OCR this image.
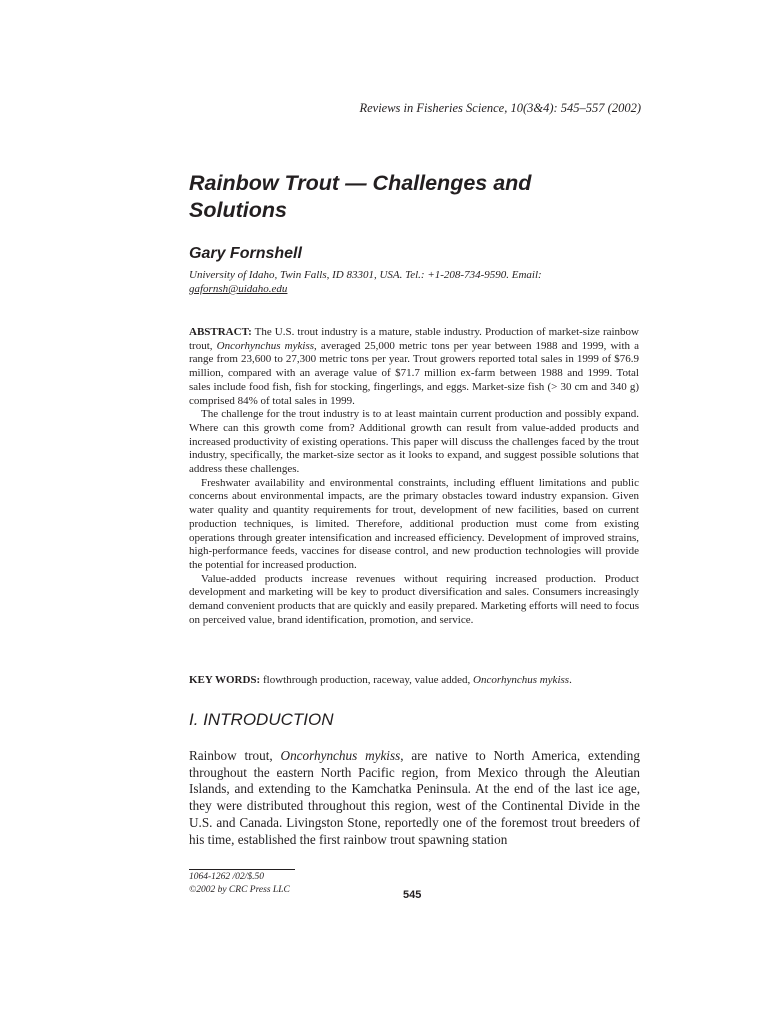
Reviews in Fisheries Science, 10(3&4): 545–557 (2002)
Rainbow Trout — Challenges and Solutions
Gary Fornshell
University of Idaho, Twin Falls, ID 83301, USA. Tel.: +1-208-734-9590. Email:
gafornsh@uidaho.edu

ABSTRACT: The U.S. trout industry is a mature, stable industry. Production of market-size rainbow trout, Oncorhynchus mykiss, averaged 25,000 metric tons per year between 1988 and 1999, with a range from 23,600 to 27,300 metric tons per year. Trout growers reported total sales in 1999 of $76.9 million, compared with an average value of $71.7 million ex-farm between 1988 and 1999. Total sales include food fish, fish for stocking, fingerlings, and eggs. Market-size fish (> 30 cm and 340 g) comprised 84% of total sales in 1999.

The challenge for the trout industry is to at least maintain current production and possibly expand. Where can this growth come from? Additional growth can result from value-added products and increased productivity of existing operations. This paper will discuss the challenges faced by the trout industry, specifically, the market-size sector as it looks to expand, and suggest possible solutions that address these challenges.

Freshwater availability and environmental constraints, including effluent limitations and public concerns about environmental impacts, are the primary obstacles toward industry expansion. Given water quality and quantity requirements for trout, development of new facilities, based on current production techniques, is limited. Therefore, additional production must come from existing operations through greater intensification and increased efficiency. Development of improved strains, high-performance feeds, vaccines for disease control, and new production technologies will provide the potential for increased production.

Value-added products increase revenues without requiring increased production. Product development and marketing will be key to product diversification and sales. Consumers increasingly demand convenient products that are quickly and easily prepared. Marketing efforts will need to focus on perceived value, brand identification, promotion, and service.

KEY WORDS: flowthrough production, raceway, value added, Oncorhynchus mykiss.
I. INTRODUCTION

Rainbow trout, Oncorhynchus mykiss, are native to North America, extending throughout the eastern North Pacific region, from Mexico through the Aleutian Islands, and extending to the Kamchatka Peninsula. At the end of the last ice age, they were distributed throughout this region, west of the Continental Divide in the U.S. and Canada. Livingston Stone, reportedly one of the foremost trout breeders of his time, established the first rainbow trout spawning station

1064-1262 /02/$.50
©2002 by CRC Press LLC	545
